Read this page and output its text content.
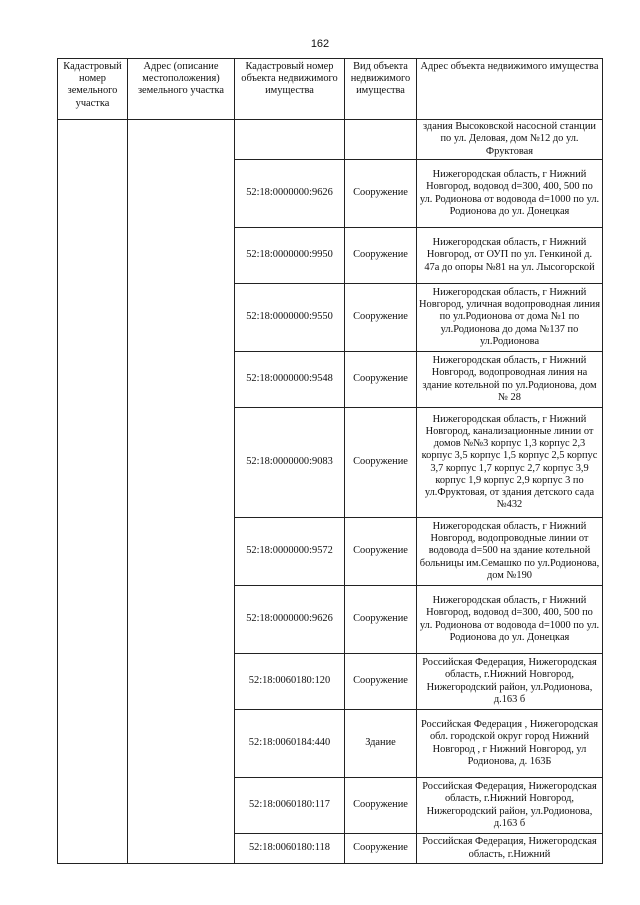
162
Кадастровый номер земельного участка	Адрес (описание местоположения) земельного участка	Кадастровый номер объекта недвижимого имущества	Вид объекта недвижимого имущества	Адрес объекта недвижимого имущества
				здания Высоковской насосной станции по ул. Деловая, дом №12 до ул. Фруктовая
		52:18:0000000:9626	Сооружение	Нижегородская область, г Нижний Новгород, водовод d=300, 400, 500 по ул. Родионова от водовода d=1000 по ул. Родионова до ул. Донецкая
		52:18:0000000:9950	Сооружение	Нижегородская область, г Нижний Новгород, от ОУП по ул. Генкиной д. 47а до опоры №81 на ул. Лысогорской
		52:18:0000000:9550	Сооружение	Нижегородская область, г Нижний Новгород, уличная водопроводная линия по ул.Родионова от дома №1 по ул.Родионова до дома №137 по ул.Родионова
		52:18:0000000:9548	Сооружение	Нижегородская область, г Нижний Новгород, водопроводная линия на здание котельной по ул.Родионова, дом № 28
		52:18:0000000:9083	Сооружение	Нижегородская область, г Нижний Новгород, канализационные линии от домов №№3 корпус 1,3 корпус 2,3 корпус 3,5 корпус 1,5 корпус 2,5 корпус 3,7 корпус 1,7 корпус 2,7 корпус 3,9 корпус 1,9 корпус 2,9 корпус 3 по ул.Фруктовая, от здания детского сада №432
		52:18:0000000:9572	Сооружение	Нижегородская область, г Нижний Новгород, водопроводные линии от водовода d=500 на здание котельной больницы им.Семашко по ул.Родионова, дом №190
		52:18:0000000:9626	Сооружение	Нижегородская область, г Нижний Новгород, водовод d=300, 400, 500 по ул. Родионова от водовода d=1000 по ул. Родионова до ул. Донецкая
		52:18:0060180:120	Сооружение	Российская Федерация, Нижегородская область, г.Нижний Новгород, Нижегородский район, ул.Родионова, д.163 б
		52:18:0060184:440	Здание	Российская Федерация , Нижегородская обл. городской округ город Нижний Новгород , г Нижний Новгород, ул Родионова, д. 163Б
		52:18:0060180:117	Сооружение	Российская Федерация, Нижегородская область, г.Нижний Новгород, Нижегородский район, ул.Родионова, д.163 б
		52:18:0060180:118	Сооружение	Российская Федерация, Нижегородская область, г.Нижний
